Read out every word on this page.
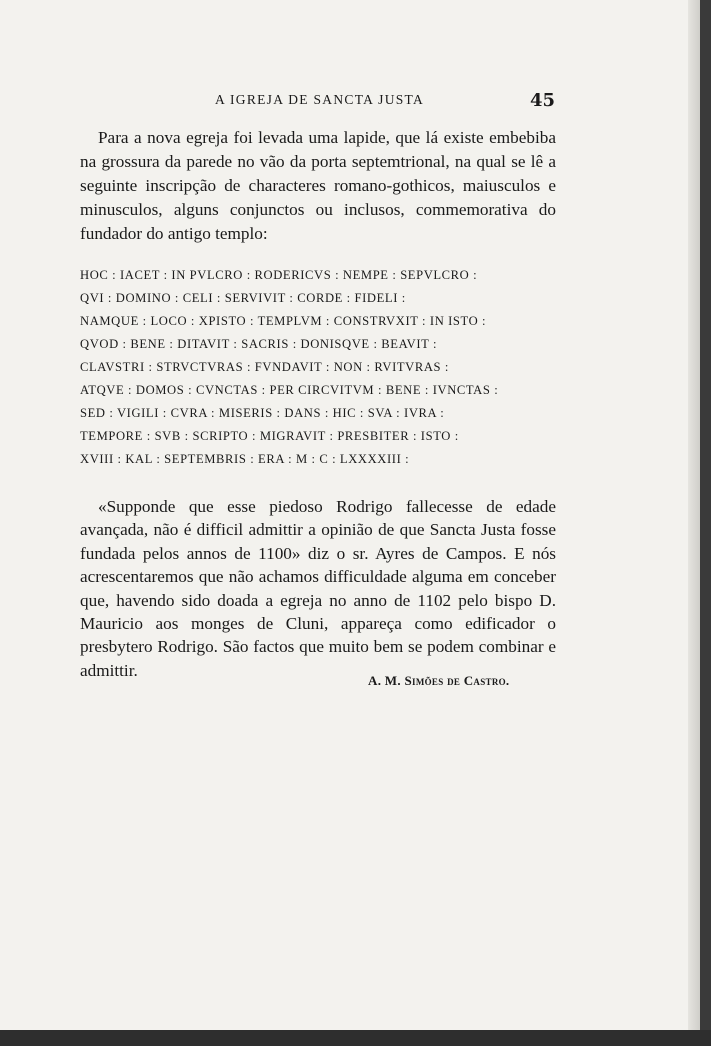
A IGREJA DE SANCTA JUSTA	45

Para a nova egreja foi levada uma lapide, que lá existe embebiba na grossura da parede no vão da porta septemtrional, na qual se lê a seguinte inscripção de characteres romano-gothicos, maiusculos e minusculos, alguns conjunctos ou inclusos, commemorativa do fundador do antigo templo:

HOC : IACET : IN PVLCRO : RODERICVS : NEMPE : SEPVLCRO :
QVI : DOMINO : CELI : SERVIVIT : CORDE : FIDELI :
NAMQUE : LOCO : XPISTO : TEMPLVM : CONSTRVXIT : IN ISTO :
QVOD : BENE : DITAVIT : SACRIS : DONISQVE : BEAVIT :
CLAVSTRI : STRVCTVRAS : FVNDAVIT : NON : RVITVRAS :
ATQVE : DOMOS : CVNCTAS : PER CIRCVITVM : BENE : IVNCTAS :
SED : VIGILI : CVRA : MISERIS : DANS : HIC : SVA : IVRA :
TEMPORE : SVB : SCRIPTO : MIGRAVIT : PRESBITER : ISTO :
XVIII : KAL : SEPTEMBRIS : ERA : M : C : LXXXXIII :

«Supponde que esse piedoso Rodrigo fallecesse de edade avançada, não é difficil admittir a opinião de que Sancta Justa fosse fundada pelos annos de 1100» diz o sr. Ayres de Campos. E nós acrescentaremos que não achamos difficuldade alguma em conceber que, havendo sido doada a egreja no anno de 1102 pelo bispo D. Mauricio aos monges de Cluni, appareça como edificador o presbytero Rodrigo. São factos que muito bem se podem combinar e admittir.

A. M. Simões de Castro.
